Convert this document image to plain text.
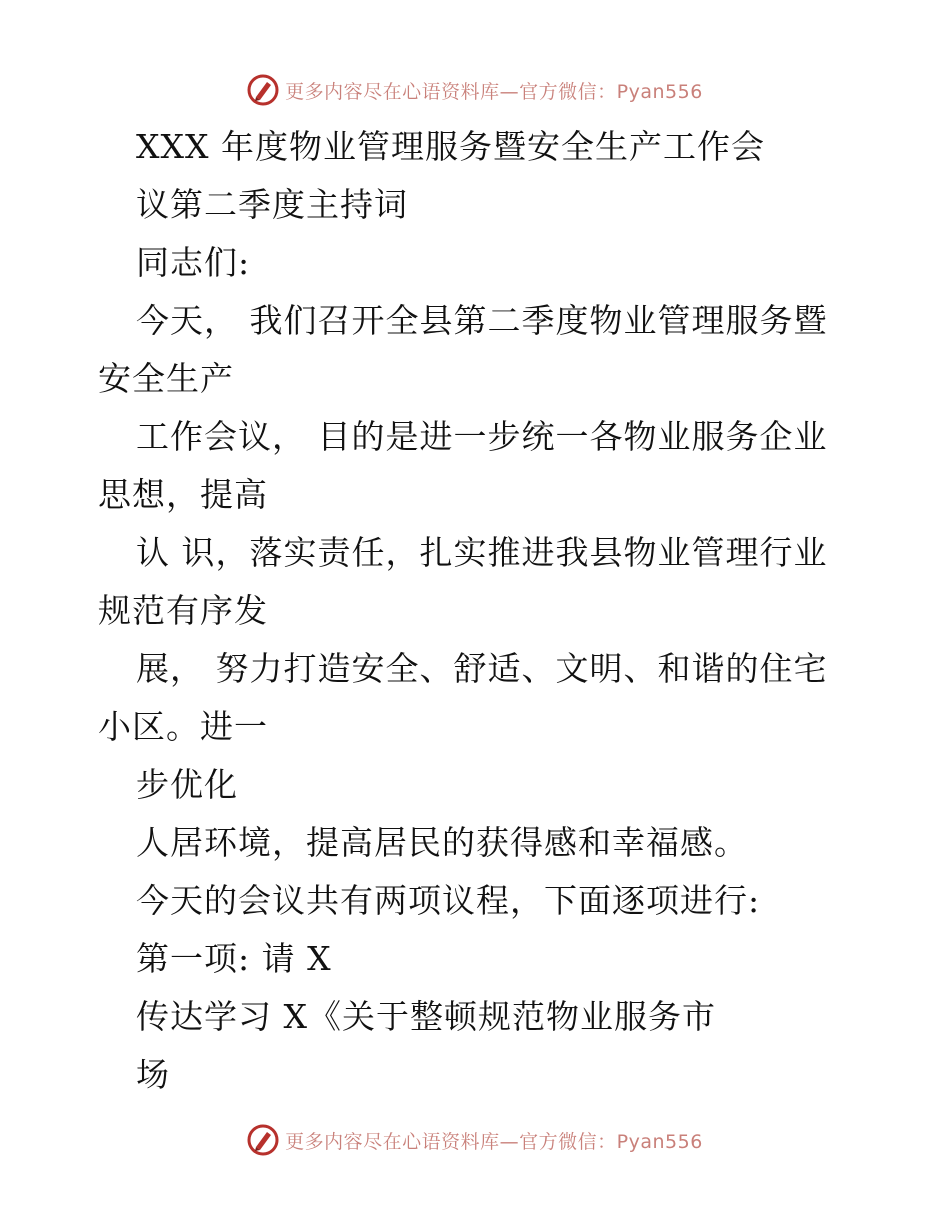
更多内容尽在心语资料库—官方微信：Pyan556
XXX 年度物业管理服务暨安全生产工作会
议第二季度主持词
同志们:
今天， 我们召开全县第二季度物业管理服务暨
安全生产
工作会议， 目的是进一步统一各物业服务企业
思想，提高
认 识，落实责任，扎实推进我县物业管理行业
规范有序发
展， 努力打造安全、舒适、文明、和谐的住宅
小区。进一
步优化
人居环境，提高居民的获得感和幸福感。
今天的会议共有两项议程，下面逐项进行:
第一项: 请 X
传达学习 X《关于整顿规范物业服务市
场
更多内容尽在心语资料库—官方微信：Pyan556
